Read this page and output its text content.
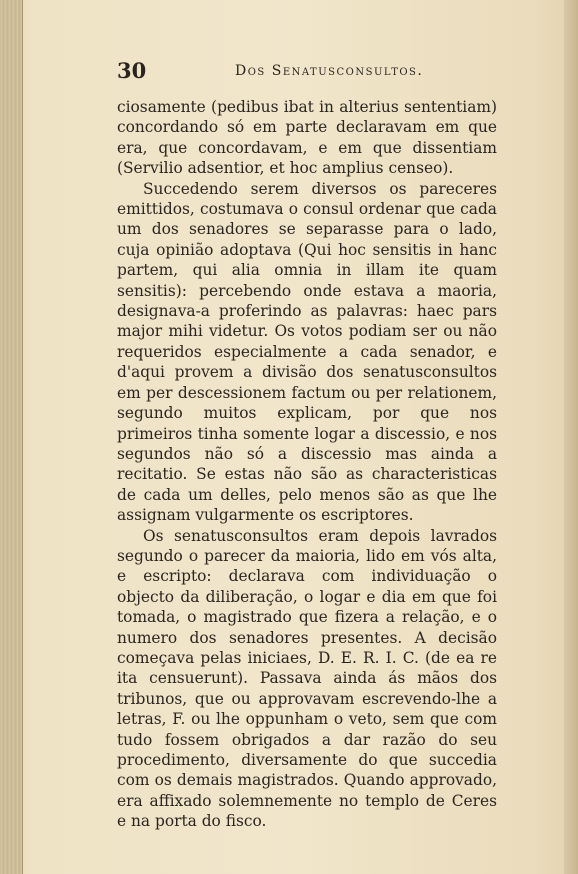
30	Dos Senatusconsultos.

ciosamente (pedibus ibat in alterius sententiam) concordando só em parte declaravam em que era, que concordavam, e em que dissentiam (Servilio adsentior, et hoc amplius censeo).

Succedendo serem diversos os pareceres emittidos, costumava o consul ordenar que cada um dos senadores se separasse para o lado, cuja opinião adoptava (Qui hoc sensitis in hanc partem, qui alia omnia in illam ite quam sensitis): percebendo onde estava a maoria, designava-a proferindo as palavras: haec pars major mihi videtur. Os votos podiam ser ou não requeridos especialmente a cada senador, e d'aqui provem a divisão dos senatusconsultos em per descessionem factum ou per relationem, segundo muitos explicam, por que nos primeiros tinha somente logar a discessio, e nos segundos não só a discessio mas ainda a recitatio. Se estas não são as characteristicas de cada um delles, pelo menos são as que lhe assignam vulgarmente os escriptores.

Os senatusconsultos eram depois lavrados segundo o parecer da maioria, lido em vós alta, e escripto: declarava com individuação o objecto da diliberação, o logar e dia em que foi tomada, o magistrado que fizera a relação, e o numero dos senadores presentes. A decisão começava pelas iniciaes, D. E. R. I. C. (de ea re ita censuerunt). Passava ainda ás mãos dos tribunos, que ou approvavam escrevendo-lhe a letras, F. ou lhe oppunham o veto, sem que com tudo fossem obrigados a dar razão do seu procedimento, diversamente do que succedia com os demais magistrados. Quando approvado, era affixado solemnemente no templo de Ceres e na porta do fisco.
